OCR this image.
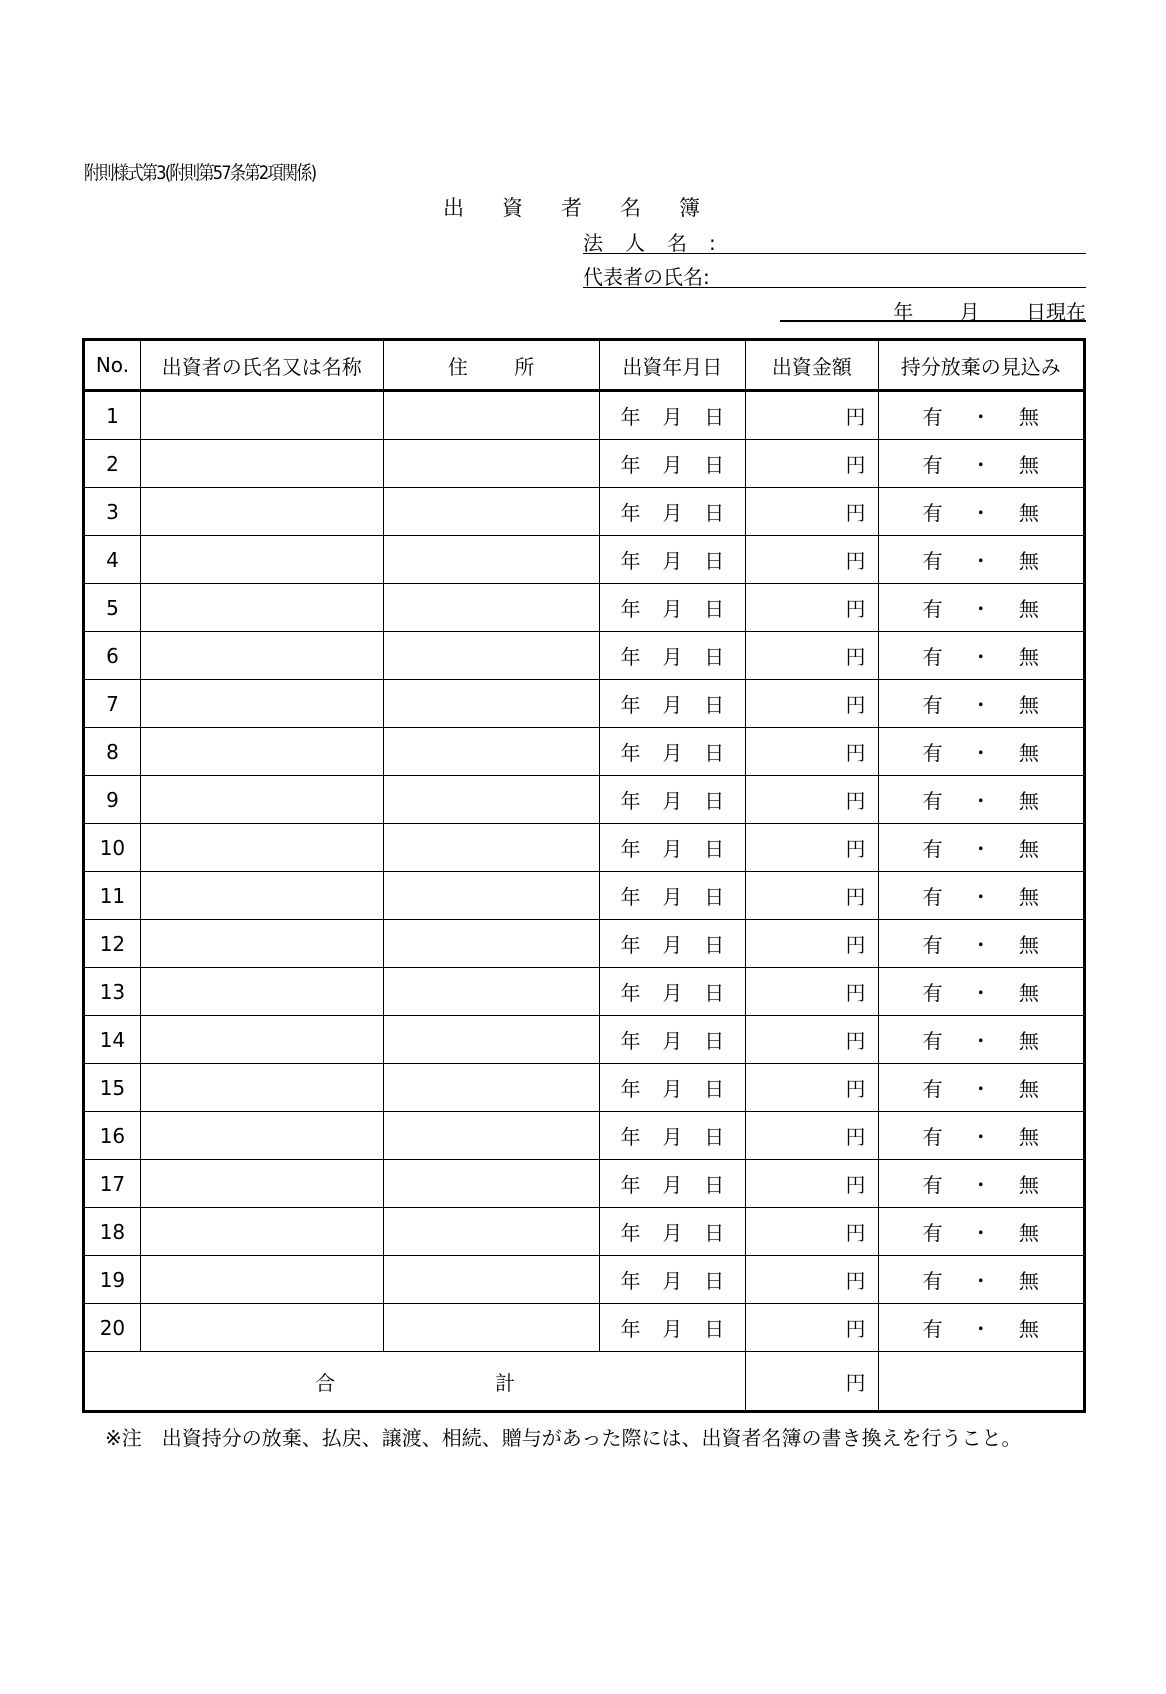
附則様式第3(附則第57条第2項関係)
出資者名簿
法人名:
代表者の氏名:
年 月 日現在
No.	出資者の氏名又は名称	住 所	出資年月日	出資金額	持分放棄の見込み
1			年 月 日	円	有 ・ 無

2			年 月 日	円	有 ・ 無

3			年 月 日	円	有 ・ 無

4			年 月 日	円	有 ・ 無

5			年 月 日	円	有 ・ 無

6			年 月 日	円	有 ・ 無

7			年 月 日	円	有 ・ 無

8			年 月 日	円	有 ・ 無

9			年 月 日	円	有 ・ 無

10			年 月 日	円	有 ・ 無

11			年 月 日	円	有 ・ 無

12			年 月 日	円	有 ・ 無

13			年 月 日	円	有 ・ 無

14			年 月 日	円	有 ・ 無

15			年 月 日	円	有 ・ 無

16			年 月 日	円	有 ・ 無

17			年 月 日	円	有 ・ 無

18			年 月 日	円	有 ・ 無

19			年 月 日	円	有 ・ 無

20			年 月 日	円	有 ・ 無

合 計				円	
※注　出資持分の放棄、払戻、譲渡、相続、贈与があった際には、出資者名簿の書き換えを行うこと。
